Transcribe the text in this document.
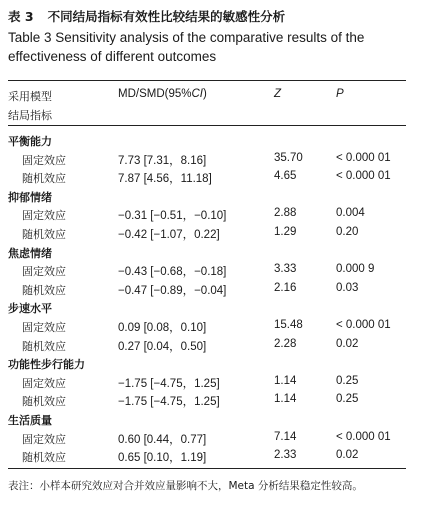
表 3 不同结局指标有效性比较结果的敏感性分析
Table 3 Sensitivity analysis of the comparative results of the effectiveness of different outcomes
采用模型
结局指标
MD/SMD(95%CI)	Z	P
平衡能力
固定效应	7.73 [7.31，8.16]	35.70	< 0.000 01
随机效应	7.87 [4.56，11.18]	4.65	< 0.000 01
抑郁情绪
固定效应	−0.31 [−0.51，−0.10]	2.88	0.004
随机效应	−0.42 [−1.07，0.22]	1.29	0.20
焦虑情绪
固定效应	−0.43 [−0.68，−0.18]	3.33	0.000 9
随机效应	−0.47 [−0.89，−0.04]	2.16	0.03
步速水平
固定效应	0.09 [0.08，0.10]	15.48	< 0.000 01
随机效应	0.27 [0.04，0.50]	2.28	0.02
功能性步行能力
固定效应	−1.75 [−4.75，1.25]	1.14	0.25
随机效应	−1.75 [−4.75，1.25]	1.14	0.25
生活质量
固定效应	0.60 [0.44，0.77]	7.14	< 0.000 01
随机效应	0.65 [0.10，1.19]	2.33	0.02
表注：小样本研究效应对合并效应量影响不大，Meta 分析结果稳定性较高。
